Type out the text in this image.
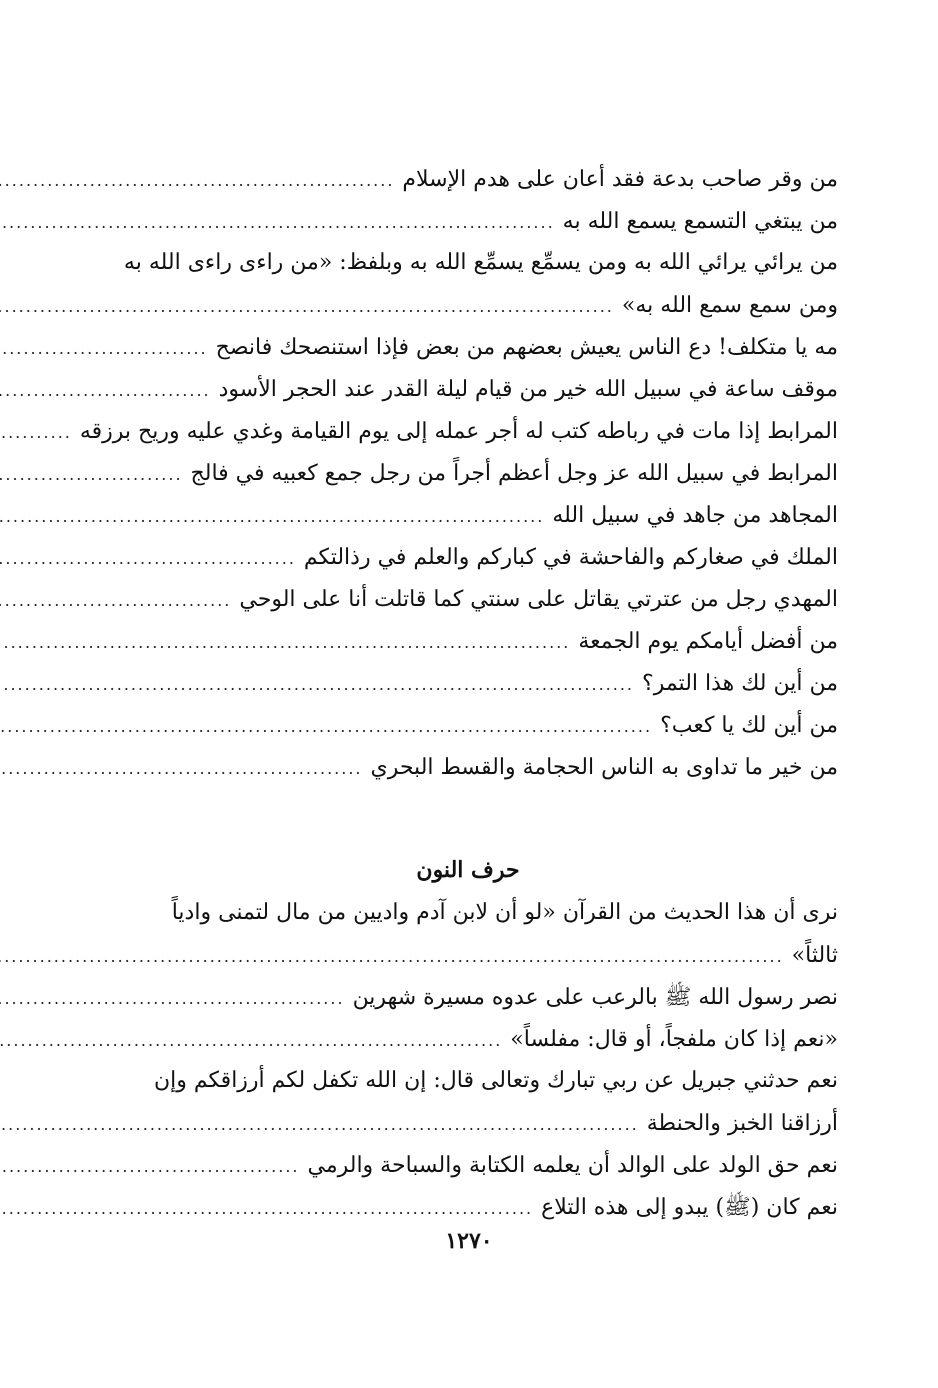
من وقر صاحب بدعة فقد أعان على هدم الإسلام
.....
من يبتغي التسمع يسمع الله به
.....
من يرائي يرائي الله به ومن يسمِّع يسمِّع الله به وبلفظ: «من راءى راءى الله به
ومن سمع سمع الله به»
.....
مه يا متكلف! دع الناس يعيش بعضهم من بعض فإذا استنصحك فانصح
.....
موقف ساعة في سبيل الله خير من قيام ليلة القدر عند الحجر الأسود
.....
المرابط إذا مات في رباطه كتب له أجر عمله إلى يوم القيامة وغدي عليه وريح برزقه
.....
المرابط في سبيل الله عز وجل أعظم أجراً من رجل جمع كعبيه في فالج
.....
المجاهد من جاهد في سبيل الله
.....
الملك في صغاركم والفاحشة في كباركم والعلم في رذالتكم
.....
المهدي رجل من عترتي يقاتل على سنتي كما قاتلت أنا على الوحي
.....
من أفضل أيامكم يوم الجمعة
.....
من أين لك هذا التمر؟
.....
من أين لك يا كعب؟
.....
من خير ما تداوى به الناس الحجامة والقسط البحري
.....
حرف النون
نرى أن هذا الحديث من القرآن «لو أن لابن آدم واديين من مال لتمنى وادياً
ثالثاً»
.....
نصر رسول الله ﷺ بالرعب على عدوه مسيرة شهرين
.....
«نعم إذا كان ملفجاً، أو قال: مفلساً»
.....
نعم حدثني جبريل عن ربي تبارك وتعالى قال: إن الله تكفل لكم أرزاقكم وإن
أرزاقنا الخبز والحنطة
.....
نعم حق الولد على الوالد أن يعلمه الكتابة والسباحة والرمي
.....
نعم كان (ﷺ) يبدو إلى هذه التلاع
.....
١٢٧٠
